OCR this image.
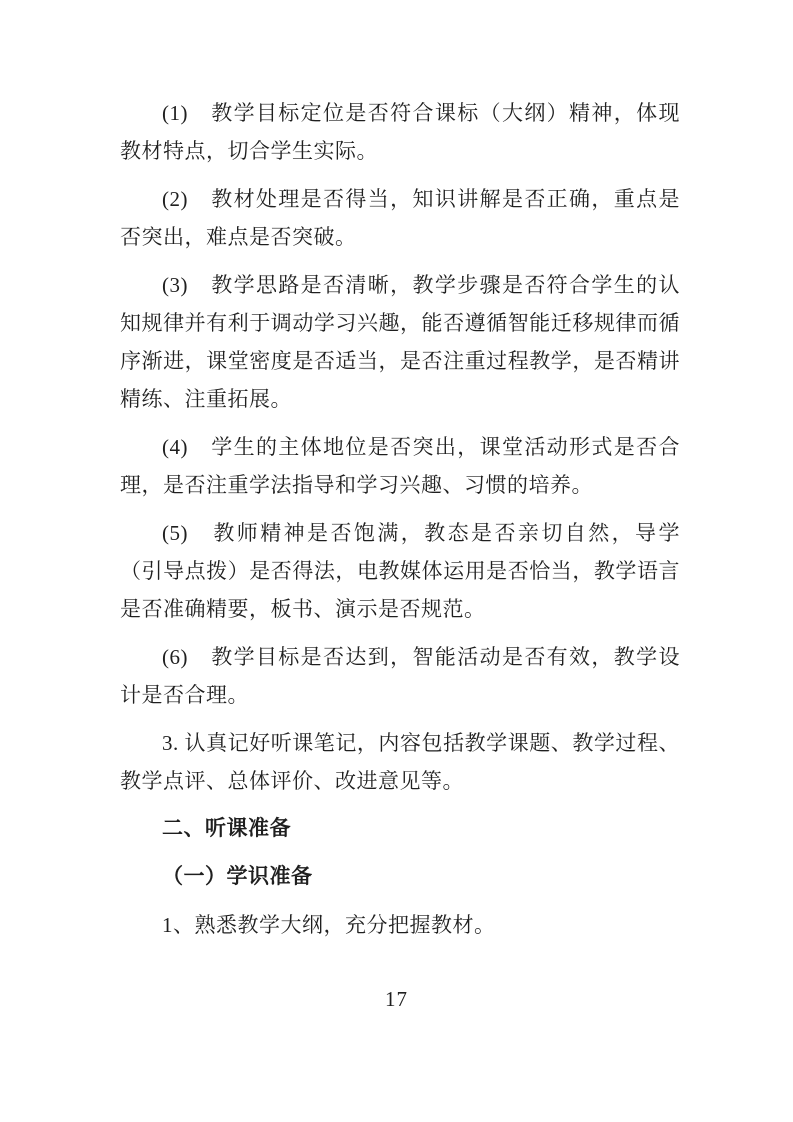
(1)　教学目标定位是否符合课标（大纲）精神，体现教材特点，切合学生实际。

(2)　教材处理是否得当，知识讲解是否正确，重点是否突出，难点是否突破。

(3)　教学思路是否清晰，教学步骤是否符合学生的认知规律并有利于调动学习兴趣，能否遵循智能迁移规律而循序渐进，课堂密度是否适当，是否注重过程教学，是否精讲精练、注重拓展。

(4)　学生的主体地位是否突出，课堂活动形式是否合理，是否注重学法指导和学习兴趣、习惯的培养。

(5)　教师精神是否饱满，教态是否亲切自然，导学（引导点拨）是否得法，电教媒体运用是否恰当，教学语言是否准确精要，板书、演示是否规范。

(6)　教学目标是否达到，智能活动是否有效，教学设计是否合理。

3. 认真记好听课笔记，内容包括教学课题、教学过程、教学点评、总体评价、改进意见等。

二、听课准备

（一）学识准备

1、熟悉教学大纲，充分把握教材。

17
